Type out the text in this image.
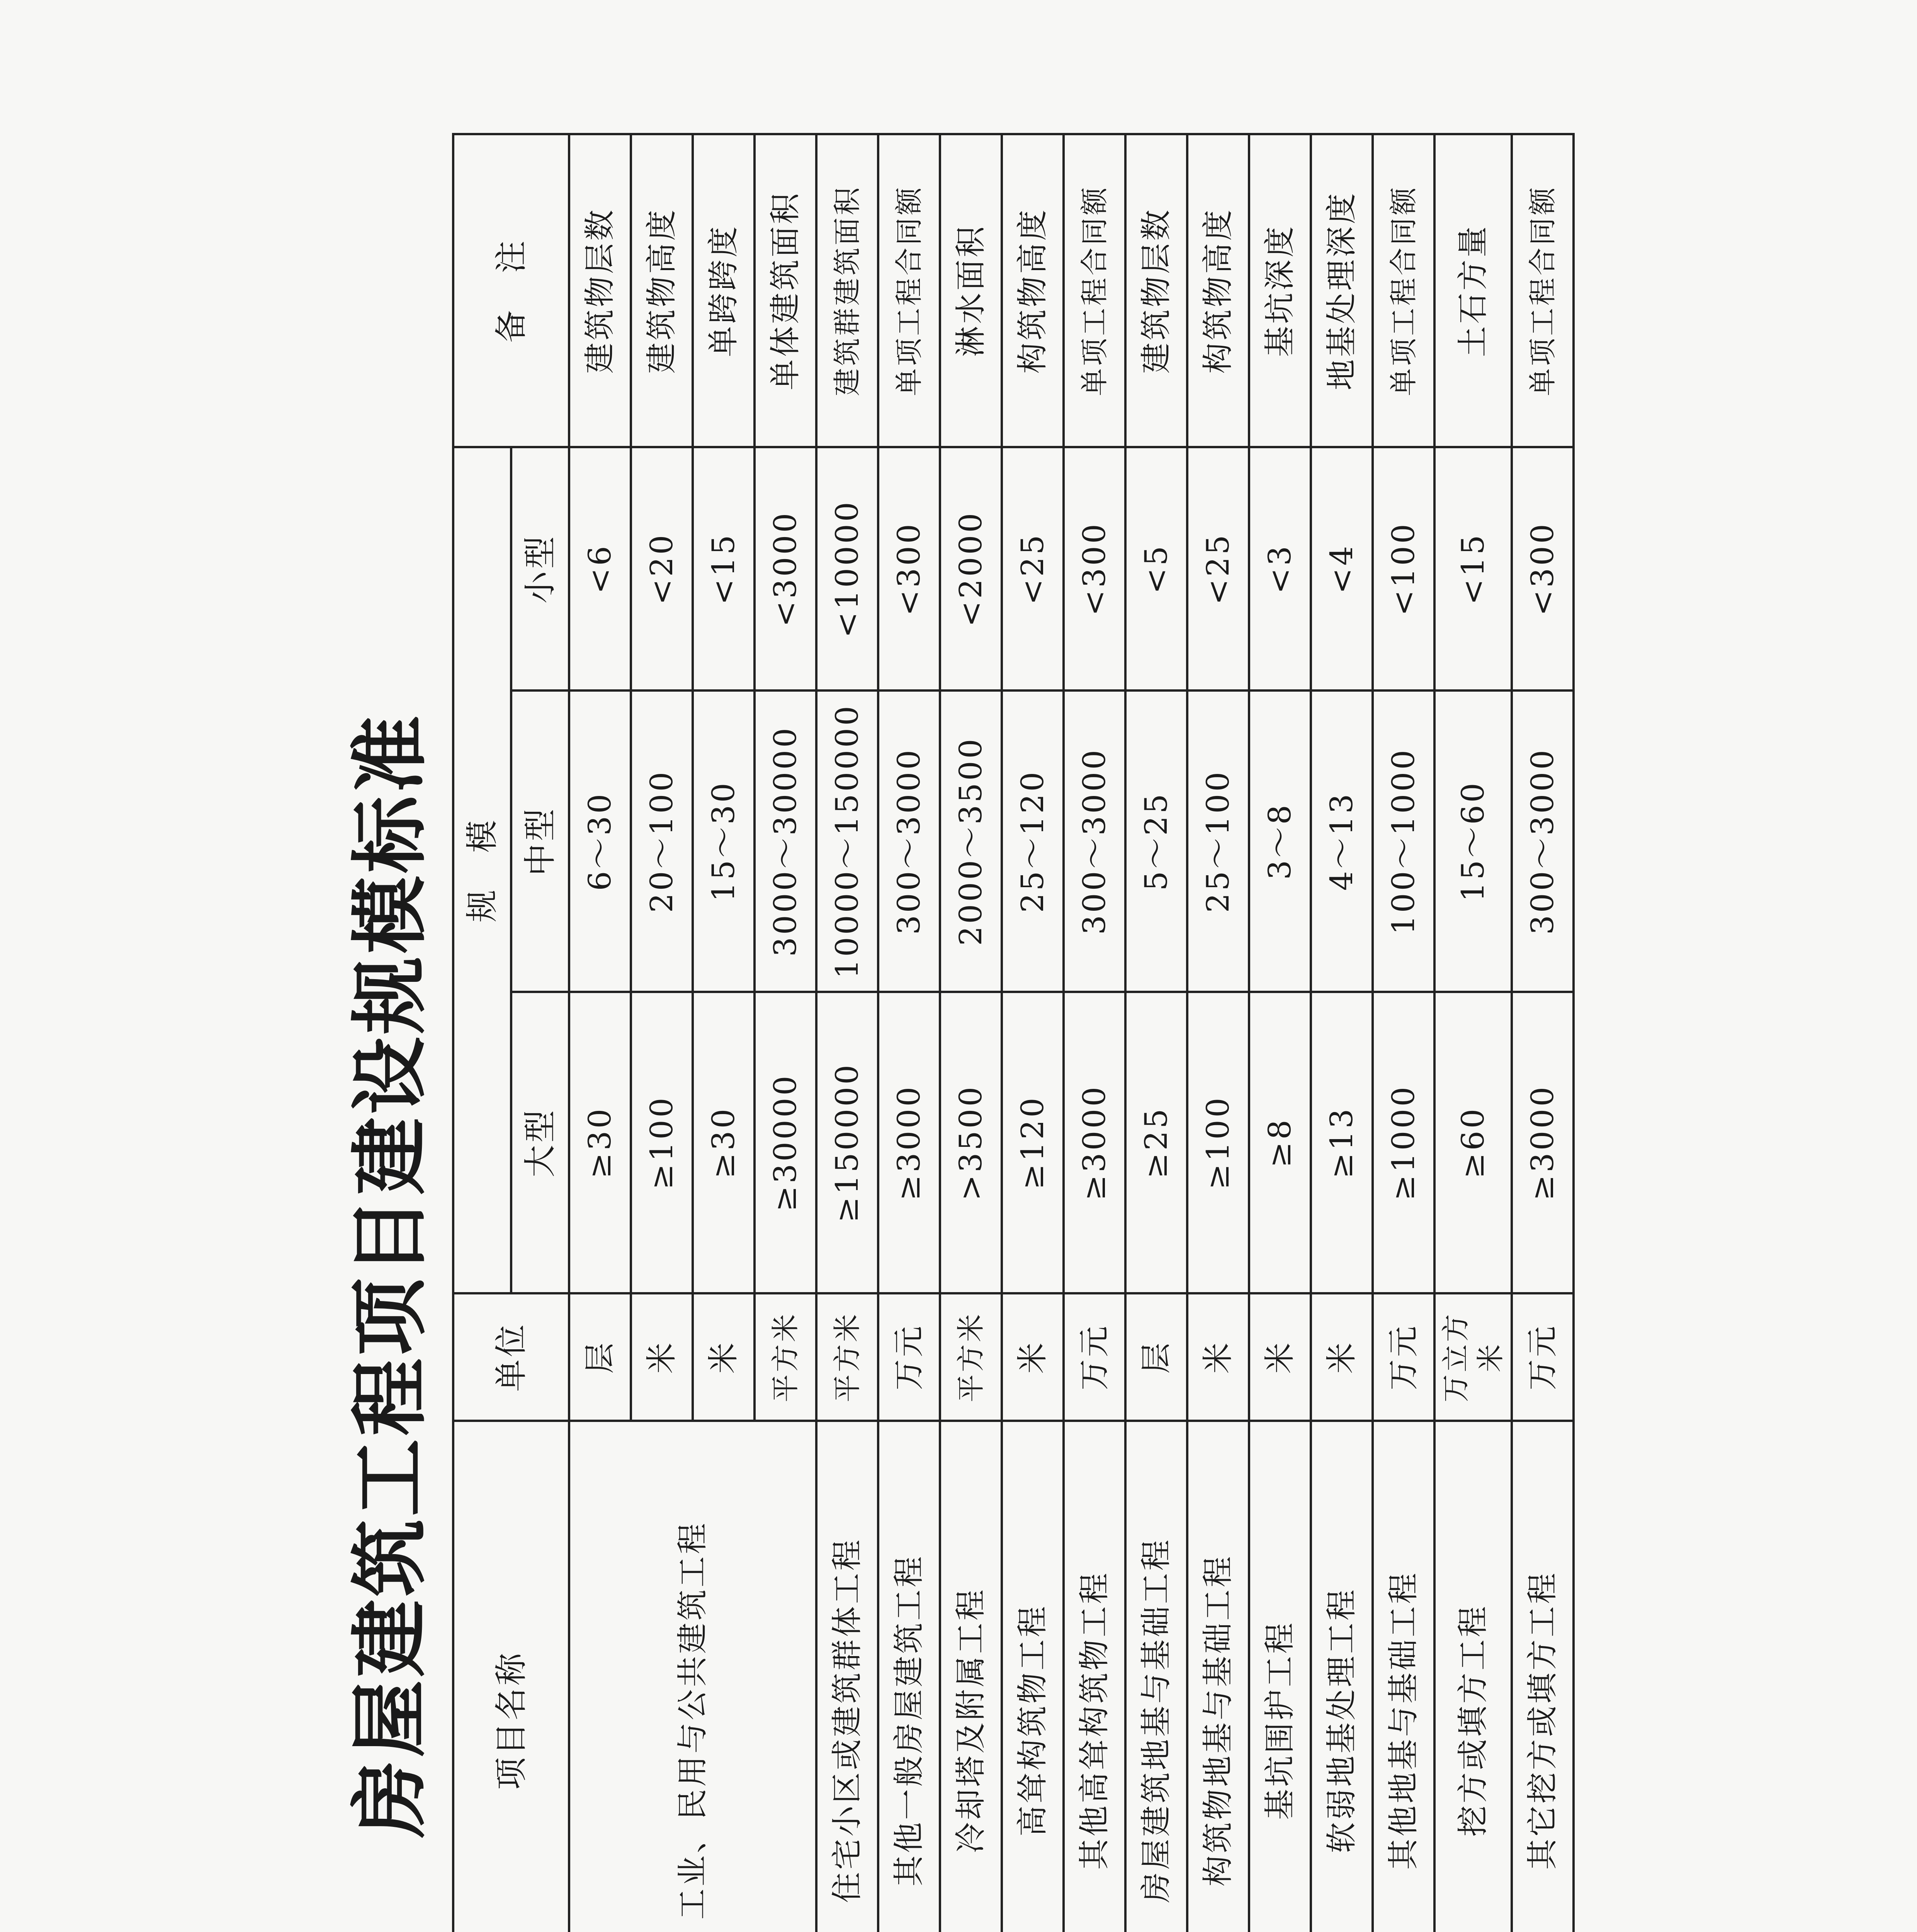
房屋建筑工程项目建设规模标准
		项目名称	单位	规　模			备　注
				大型	中型	小型	
		工业、民用与公共建筑工程	层	≥30	6～30	<6	建筑物层数
			米	≥100	20～100	<20	建筑物高度
			米	≥30	15～30	<15	单跨跨度
			平方米	≥30000	3000～30000	<3000	单体建筑面积
		住宅小区或建筑群体工程	平方米	≥150000	10000～150000	<10000	建筑群建筑面积
		其他一般房屋建筑工程	万元	≥3000	300～3000	<300	单项工程合同额
		冷却塔及附属工程	平方米	>3500	2000～3500	<2000	淋水面积
		高耸构筑物工程	米	≥120	25～120	<25	构筑物高度
		其他高耸构筑物工程	万元	≥3000	300～3000	<300	单项工程合同额
		房屋建筑地基与基础工程	层	≥25	5～25	<5	建筑物层数
		构筑物地基与基础工程	米	≥100	25～100	<25	构筑物高度
		基坑围护工程	米	≥8	3～8	<3	基坑深度
		软弱地基处理工程	米	≥13	4～13	<4	地基处理深度
		其他地基与基础工程	万元	≥1000	100～1000	<100	单项工程合同额
		挖方或填方工程	万立方米	≥60	15～60	<15	土石方量
		其它挖方或填方工程	万元	≥3000	300～3000	<300	单项工程合同额
